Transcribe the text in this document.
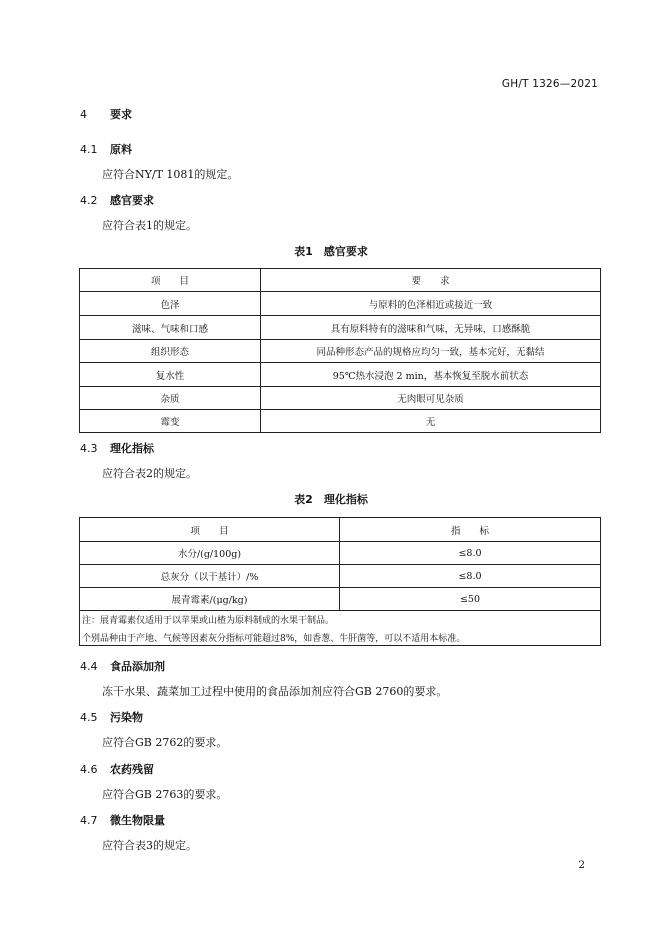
GH/T 1326—2021
4 要求
4.1 原料
应符合NY/T 1081的规定。
4.2 感官要求
应符合表1的规定。
表1　感官要求
项　　目	要　　求
色泽	与原料的色泽相近或接近一致
滋味、气味和口感	具有原料特有的滋味和气味，无异味，口感酥脆
组织形态	同品种形态产品的规格应均匀一致，基本完好，无黏结
复水性	95℃热水浸泡 2 min，基本恢复至脱水前状态
杂质	无肉眼可见杂质
霉变	无
4.3 理化指标
应符合表2的规定。
表2　理化指标
项　　目	指　　标
水分/(g/100g)	≤8.0
总灰分（以干基计）/%	≤8.0
展青霉素/(μg/kg)	≤50

注：展青霉素仅适用于以苹果或山楂为原料制成的水果干制品。
个别品种由于产地、气候等因素灰分指标可能超过8%，如香葱、牛肝菌等，可以不适用本标准。	
4.4 食品添加剂
冻干水果、蔬菜加工过程中使用的食品添加剂应符合GB 2760的要求。
4.5 污染物
应符合GB 2762的要求。
4.6 农药残留
应符合GB 2763的要求。
4.7 微生物限量
应符合表3的规定。
2
